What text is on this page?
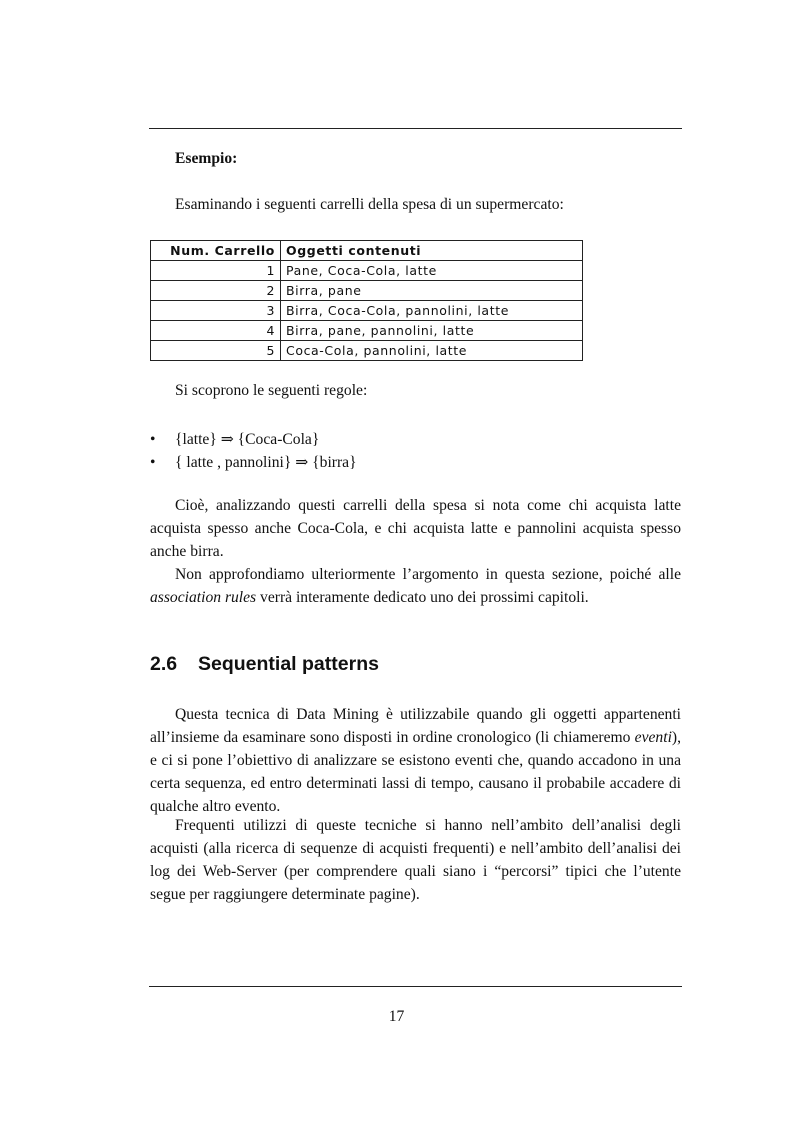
Esempio:

Esaminando i seguenti carrelli della spesa di un supermercato:

Num. Carrello	Oggetti contenuti
1	Pane, Coca-Cola, latte
2	Birra, pane
3	Birra, Coca-Cola, pannolini, latte
4	Birra, pane, pannolini, latte
5	Coca-Cola, pannolini, latte

Si scoprono le seguenti regole:

• {latte} ⇒ {Coca-Cola}
• { latte , pannolini} ⇒ {birra}

Cioè, analizzando questi carrelli della spesa si nota come chi acquista latte acquista spesso anche Coca-Cola, e chi acquista latte e pannolini acquista spesso anche birra.

Non approfondiamo ulteriormente l’argomento in questa sezione, poiché alle association rules verrà interamente dedicato uno dei prossimi capitoli.

2.6 Sequential patterns

Questa tecnica di Data Mining è utilizzabile quando gli oggetti appartenenti all’insieme da esaminare sono disposti in ordine cronologico (li chiameremo eventi), e ci si pone l’obiettivo di analizzare se esistono eventi che, quando accadono in una certa sequenza, ed entro determinati lassi di tempo, causano il probabile accadere di qualche altro evento.

Frequenti utilizzi di queste tecniche si hanno nell’ambito dell’analisi degli acquisti (alla ricerca di sequenze di acquisti frequenti) e nell’ambito dell’analisi dei log dei Web-Server (per comprendere quali siano i “percorsi” tipici che l’utente segue per raggiungere determinate pagine).

17
